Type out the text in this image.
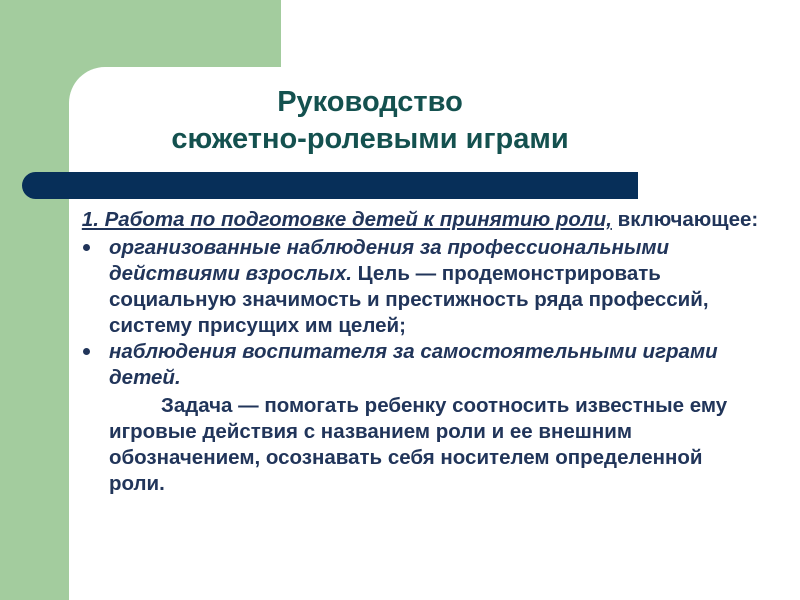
Руководство
сюжетно-ролевыми играми

1. Работа по подготовке детей к принятию роли, включающее:

организованные наблюдения за профессиональными действиями взрослых. Цель — продемонстрировать социальную значимость и престижность ряда профессий, систему присущих им целей;
наблюдения воспитателя за самостоятельными играми детей.

Задача — помогать ребенку соотносить известные ему игровые действия с названием роли и ее внешним обозначением, осознавать себя носителем определенной роли.
